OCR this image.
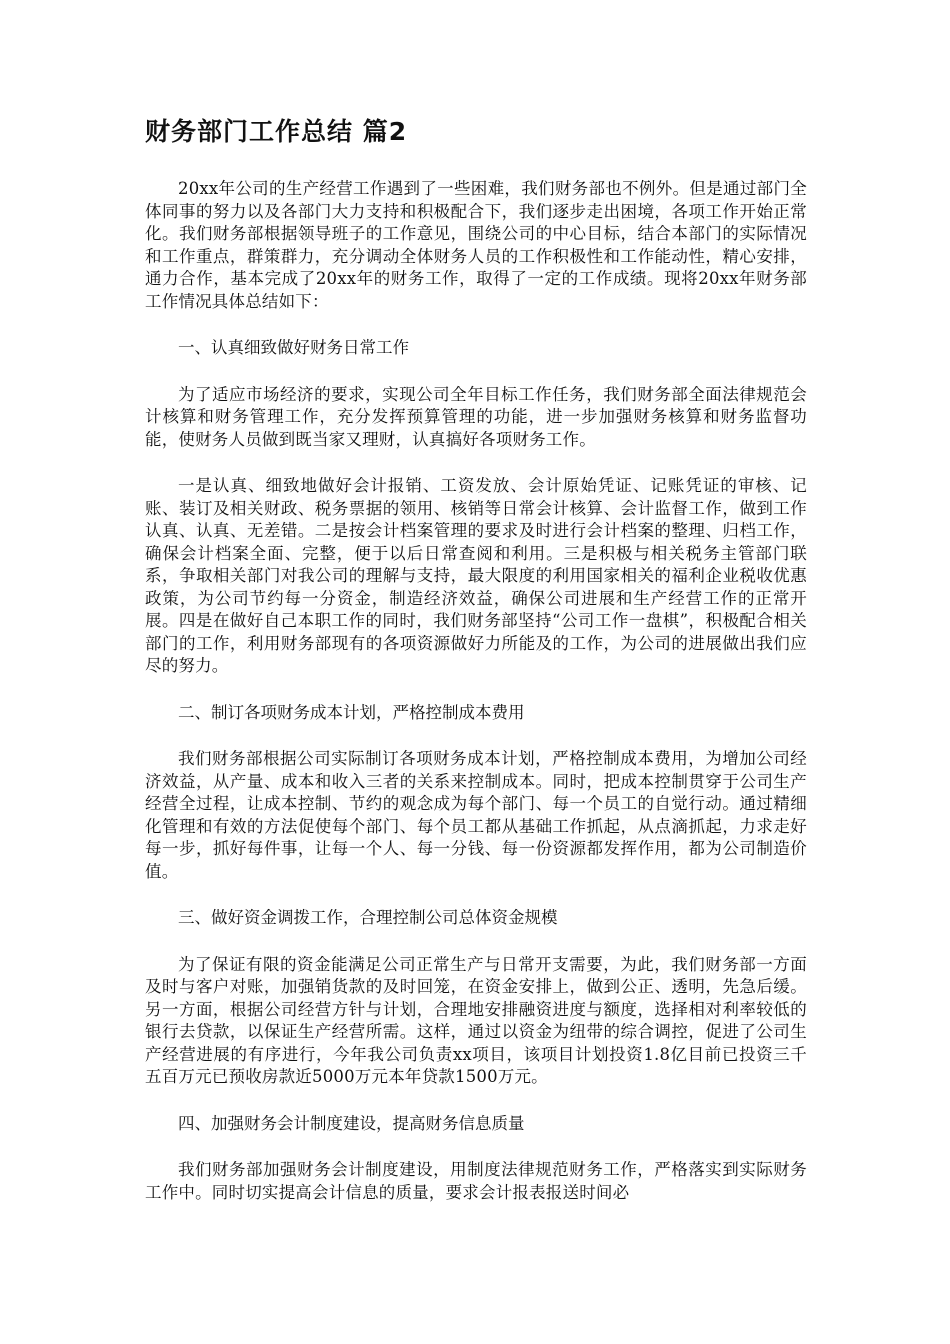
财务部门工作总结 篇2

20xx年公司的生产经营工作遇到了一些困难，我们财务部也不例外。但是通过部门全体同事的努力以及各部门大力支持和积极配合下，我们逐步走出困境，各项工作开始正常化。我们财务部根据领导班子的工作意见，围绕公司的中心目标，结合本部门的实际情况和工作重点，群策群力，充分调动全体财务人员的工作积极性和工作能动性，精心安排，通力合作，基本完成了20xx年的财务工作，取得了一定的工作成绩。现将20xx年财务部工作情况具体总结如下：

一、认真细致做好财务日常工作

为了适应市场经济的要求，实现公司全年目标工作任务，我们财务部全面法律规范会计核算和财务管理工作，充分发挥预算管理的功能，进一步加强财务核算和财务监督功能，使财务人员做到既当家又理财，认真搞好各项财务工作。

一是认真、细致地做好会计报销、工资发放、会计原始凭证、记账凭证的审核、记账、装订及相关财政、税务票据的领用、核销等日常会计核算、会计监督工作，做到工作认真、认真、无差错。二是按会计档案管理的要求及时进行会计档案的整理、归档工作，确保会计档案全面、完整，便于以后日常查阅和利用。三是积极与相关税务主管部门联系，争取相关部门对我公司的理解与支持，最大限度的利用国家相关的福利企业税收优惠政策，为公司节约每一分资金，制造经济效益，确保公司进展和生产经营工作的正常开展。四是在做好自己本职工作的同时，我们财务部坚持“公司工作一盘棋”，积极配合相关部门的工作，利用财务部现有的各项资源做好力所能及的工作，为公司的进展做出我们应尽的努力。

二、制订各项财务成本计划，严格控制成本费用

我们财务部根据公司实际制订各项财务成本计划，严格控制成本费用，为增加公司经济效益，从产量、成本和收入三者的关系来控制成本。同时，把成本控制贯穿于公司生产经营全过程，让成本控制、节约的观念成为每个部门、每一个员工的自觉行动。通过精细化管理和有效的方法促使每个部门、每个员工都从基础工作抓起，从点滴抓起，力求走好每一步，抓好每件事，让每一个人、每一分钱、每一份资源都发挥作用，都为公司制造价值。

三、做好资金调拨工作，合理控制公司总体资金规模

为了保证有限的资金能满足公司正常生产与日常开支需要，为此，我们财务部一方面及时与客户对账，加强销货款的及时回笼，在资金安排上，做到公正、透明，先急后缓。另一方面，根据公司经营方针与计划，合理地安排融资进度与额度，选择相对利率较低的银行去贷款，以保证生产经营所需。这样，通过以资金为纽带的综合调控，促进了公司生产经营进展的有序进行，今年我公司负责xx项目，该项目计划投资1.8亿目前已投资三千五百万元已预收房款近5000万元本年贷款1500万元。

四、加强财务会计制度建设，提高财务信息质量

我们财务部加强财务会计制度建设，用制度法律规范财务工作，严格落实到实际财务工作中。同时切实提高会计信息的质量，要求会计报表报送时间必
